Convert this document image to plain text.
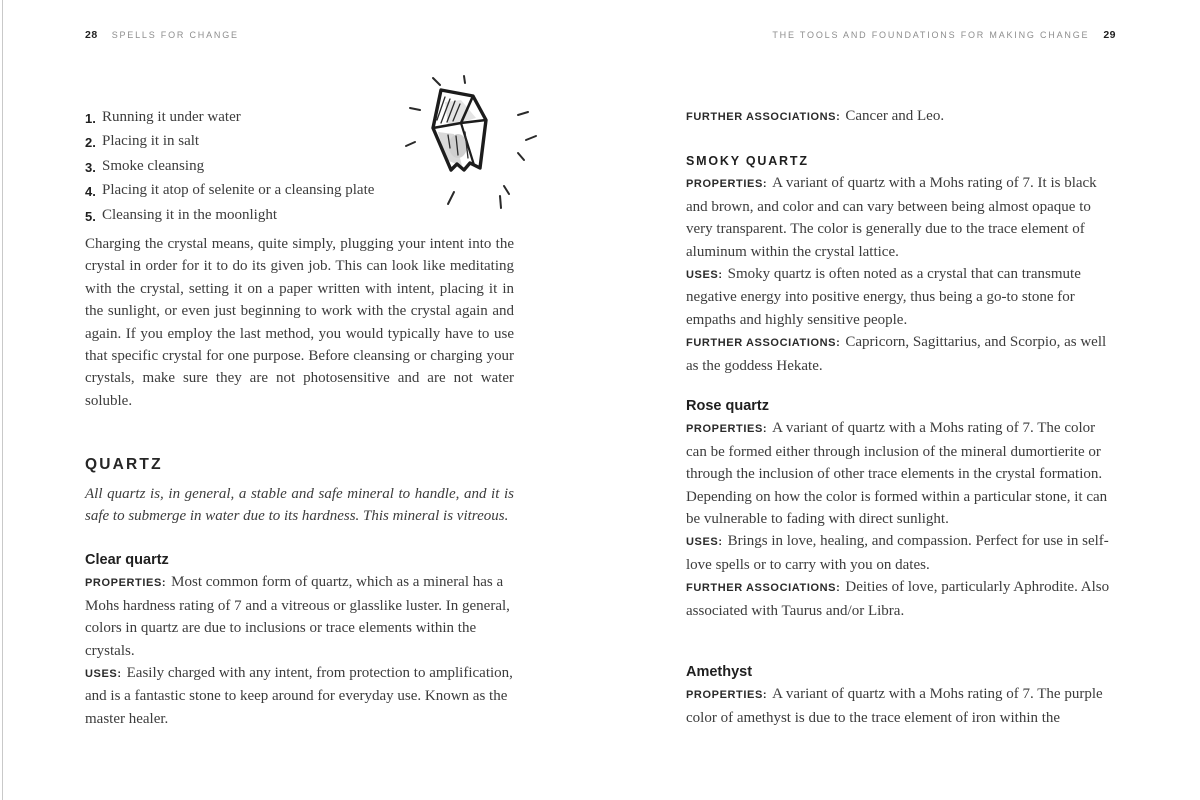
28 SPELLS FOR CHANGE
1. Running it under water
2. Placing it in salt
3. Smoke cleansing
4. Placing it atop of selenite or a cleansing plate
5. Cleansing it in the moonlight

Charging the crystal means, quite simply, plugging your intent into the crystal in order for it to do its given job. This can look like meditating with the crystal, setting it on a paper written with intent, placing it in the sunlight, or even just beginning to work with the crystal again and again. If you employ the last method, you would typically have to use that specific crystal for one purpose. Before cleansing or charging your crystals, make sure they are not photosensitive and are not water soluble.

QUARTZ

All quartz is, in general, a stable and safe mineral to handle, and it is safe to submerge in water due to its hardness. This mineral is vitreous.

Clear quartz

PROPERTIES: Most common form of quartz, which as a mineral has a Mohs hardness rating of 7 and a vitreous or glasslike luster. In general, colors in quartz are due to inclusions or trace elements within the crystals.

USES: Easily charged with any intent, from protection to amplification, and is a fantastic stone to keep around for everyday use. Known as the master healer.

THE TOOLS AND FOUNDATIONS FOR MAKING CHANGE 29

FURTHER ASSOCIATIONS: Cancer and Leo.

SMOKY QUARTZ

PROPERTIES: A variant of quartz with a Mohs rating of 7. It is black and brown, and color and can vary between being almost opaque to very transparent. The color is generally due to the trace element of aluminum within the crystal lattice.

USES: Smoky quartz is often noted as a crystal that can transmute negative energy into positive energy, thus being a go-to stone for empaths and highly sensitive people.

FURTHER ASSOCIATIONS: Capricorn, Sagittarius, and Scorpio, as well as the goddess Hekate.

Rose quartz

PROPERTIES: A variant of quartz with a Mohs rating of 7. The color can be formed either through inclusion of the mineral dumortierite or through the inclusion of other trace elements in the crystal formation. Depending on how the color is formed within a particular stone, it can be vulnerable to fading with direct sunlight.

USES: Brings in love, healing, and compassion. Perfect for use in self-love spells or to carry with you on dates.

FURTHER ASSOCIATIONS: Deities of love, particularly Aphrodite. Also associated with Taurus and/or Libra.

Amethyst

PROPERTIES: A variant of quartz with a Mohs rating of 7. The purple color of amethyst is due to the trace element of iron within the
